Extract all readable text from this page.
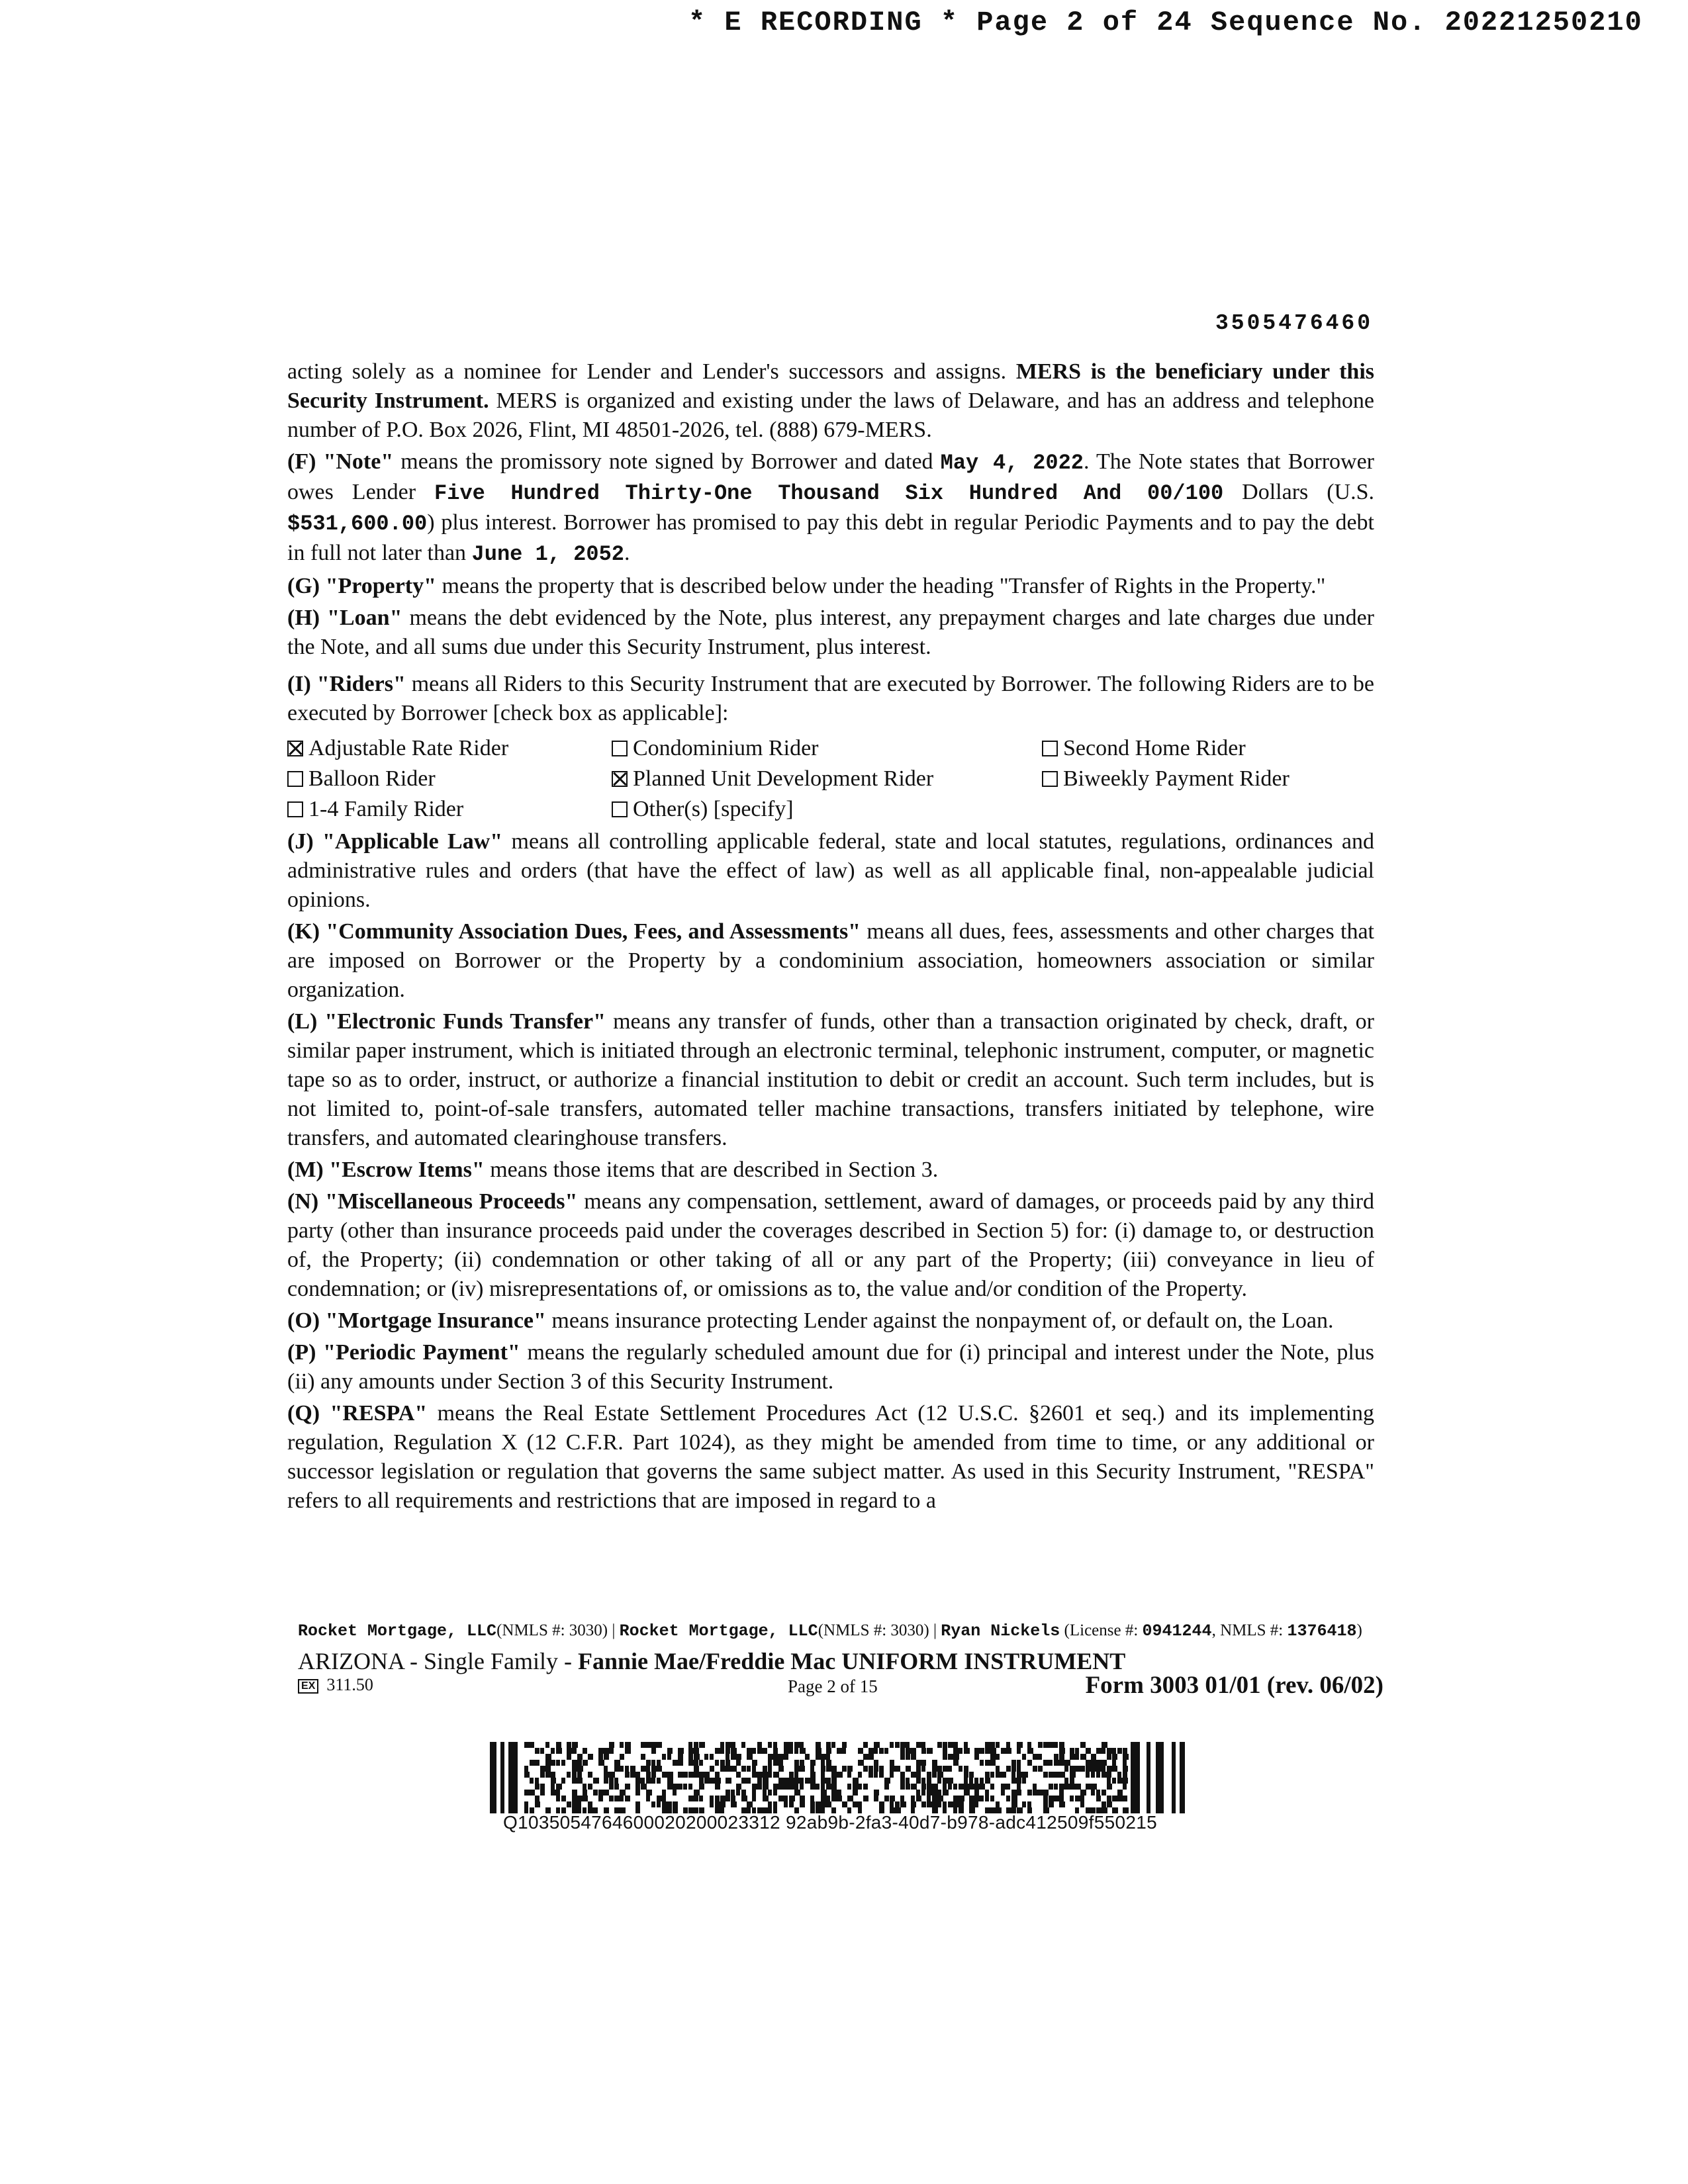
* E RECORDING * Page 2 of 24 Sequence No. 20221250210
3505476460

acting solely as a nominee for Lender and Lender's successors and assigns. MERS is the beneficiary under this Security Instrument. MERS is organized and existing under the laws of Delaware, and has an address and telephone number of P.O. Box 2026, Flint, MI 48501-2026, tel. (888) 679-MERS.

(F) "Note" means the promissory note signed by Borrower and dated May 4, 2022. The Note states that Borrower owes Lender Five Hundred Thirty-One Thousand Six Hundred And 00/100 Dollars (U.S. $531,600.00) plus interest. Borrower has promised to pay this debt in regular Periodic Payments and to pay the debt in full not later than June 1, 2052.

(G) "Property" means the property that is described below under the heading "Transfer of Rights in the Property."

(H) "Loan" means the debt evidenced by the Note, plus interest, any prepayment charges and late charges due under the Note, and all sums due under this Security Instrument, plus interest.

(I) "Riders" means all Riders to this Security Instrument that are executed by Borrower. The following Riders are to be executed by Borrower [check box as applicable]:

Adjustable Rate Rider	Condominium Rider	Second Home Rider
Balloon Rider	Planned Unit Development Rider	Biweekly Payment Rider
1-4 Family Rider	Other(s) [specify]

(J) "Applicable Law" means all controlling applicable federal, state and local statutes, regulations, ordinances and administrative rules and orders (that have the effect of law) as well as all applicable final, non-appealable judicial opinions.

(K) "Community Association Dues, Fees, and Assessments" means all dues, fees, assessments and other charges that are imposed on Borrower or the Property by a condominium association, homeowners association or similar organization.

(L) "Electronic Funds Transfer" means any transfer of funds, other than a transaction originated by check, draft, or similar paper instrument, which is initiated through an electronic terminal, telephonic instrument, computer, or magnetic tape so as to order, instruct, or authorize a financial institution to debit or credit an account. Such term includes, but is not limited to, point-of-sale transfers, automated teller machine transactions, transfers initiated by telephone, wire transfers, and automated clearinghouse transfers.

(M) "Escrow Items" means those items that are described in Section 3.

(N) "Miscellaneous Proceeds" means any compensation, settlement, award of damages, or proceeds paid by any third party (other than insurance proceeds paid under the coverages described in Section 5) for: (i) damage to, or destruction of, the Property; (ii) condemnation or other taking of all or any part of the Property; (iii) conveyance in lieu of condemnation; or (iv) misrepresentations of, or omissions as to, the value and/or condition of the Property.

(O) "Mortgage Insurance" means insurance protecting Lender against the nonpayment of, or default on, the Loan.

(P) "Periodic Payment" means the regularly scheduled amount due for (i) principal and interest under the Note, plus (ii) any amounts under Section 3 of this Security Instrument.

(Q) "RESPA" means the Real Estate Settlement Procedures Act (12 U.S.C. §2601 et seq.) and its implementing regulation, Regulation X (12 C.F.R. Part 1024), as they might be amended from time to time, or any additional or successor legislation or regulation that governs the same subject matter. As used in this Security Instrument, "RESPA" refers to all requirements and restrictions that are imposed in regard to a

Rocket Mortgage, LLC(NMLS #: 3030) | Rocket Mortgage, LLC(NMLS #: 3030) | Ryan Nickels (License #: 0941244, NMLS #: 1376418)
ARIZONA - Single Family - Fannie Mae/Freddie Mac UNIFORM INSTRUMENT
EX 311.50	Page 2 of 15	Form 3003 01/01 (rev. 06/02)
Q1035054764600020200023312 92ab9b-2fa3-40d7-b978-adc412509f550215
